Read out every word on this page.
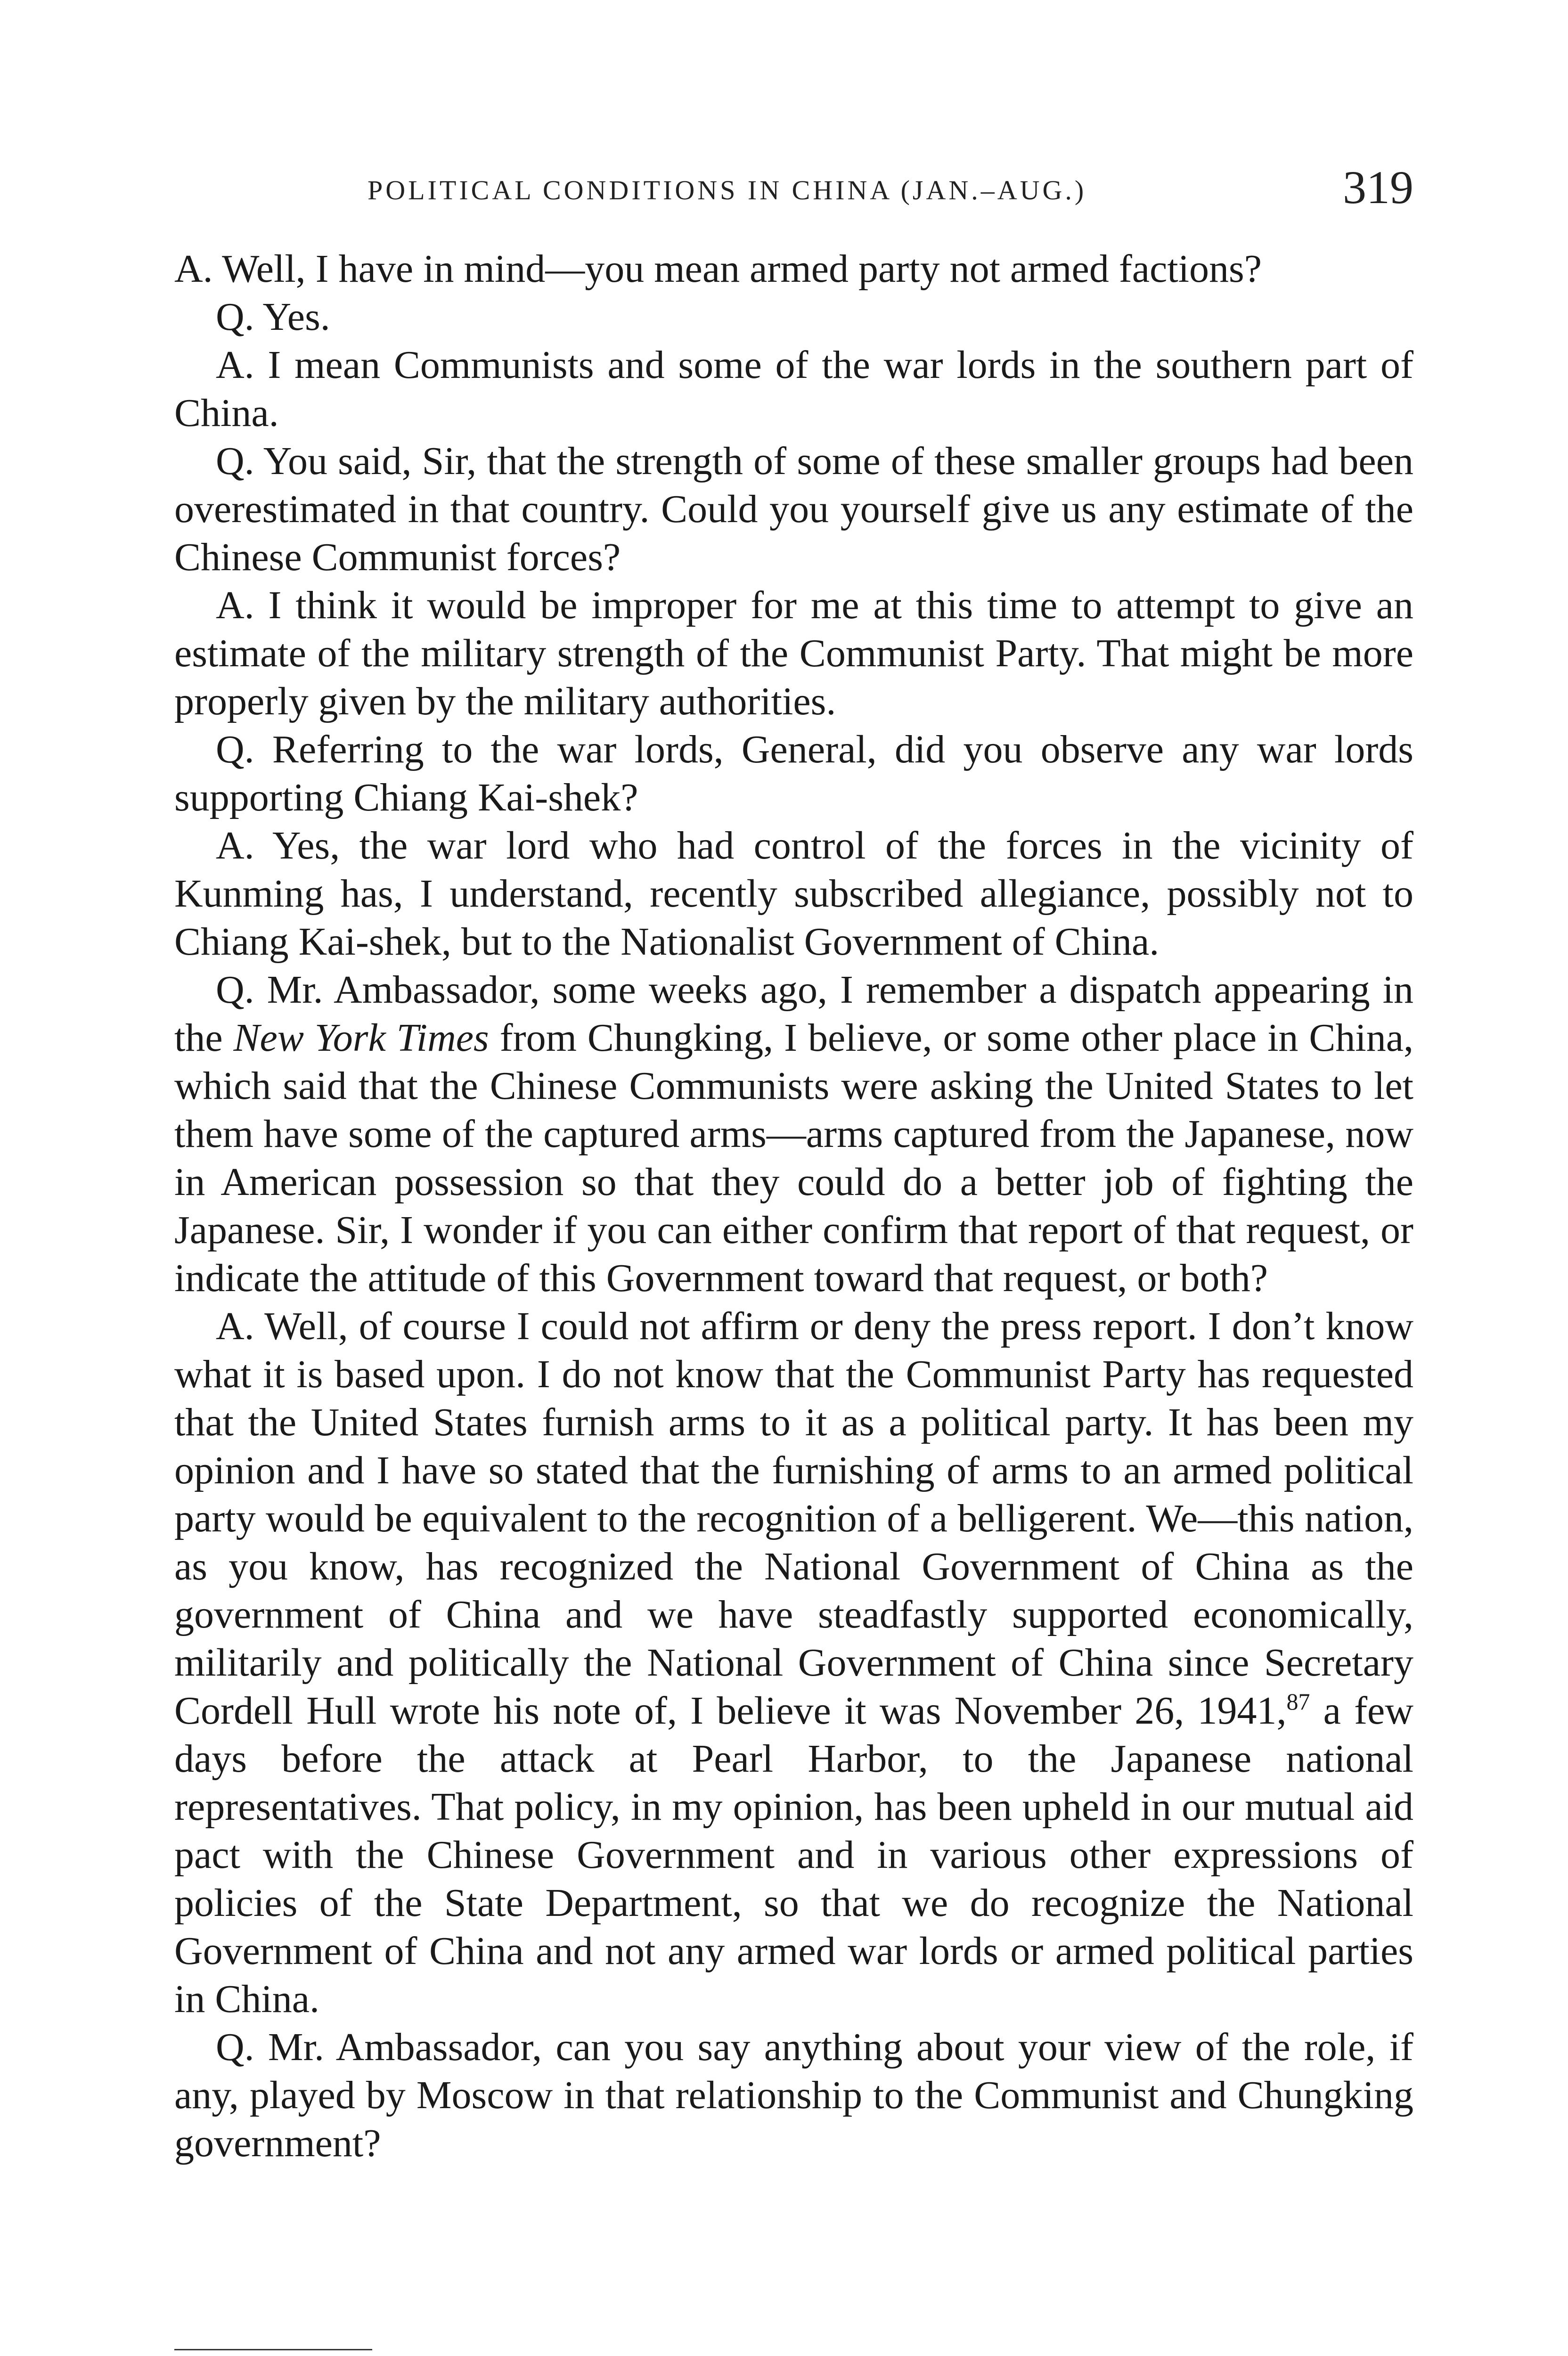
POLITICAL CONDITIONS IN CHINA (JAN.–AUG.)	319

A. Well, I have in mind—you mean armed party not armed factions?

Q. Yes.

A. I mean Communists and some of the war lords in the southern part of China.

Q. You said, Sir, that the strength of some of these smaller groups had been overestimated in that country. Could you yourself give us any estimate of the Chinese Communist forces?

A. I think it would be improper for me at this time to attempt to give an estimate of the military strength of the Communist Party. That might be more properly given by the military authorities.

Q. Referring to the war lords, General, did you observe any war lords supporting Chiang Kai-shek?

A. Yes, the war lord who had control of the forces in the vicinity of Kunming has, I understand, recently subscribed allegiance, possibly not to Chiang Kai-shek, but to the Nationalist Government of China.

Q. Mr. Ambassador, some weeks ago, I remember a dispatch appearing in the New York Times from Chungking, I believe, or some other place in China, which said that the Chinese Communists were asking the United States to let them have some of the captured arms—arms captured from the Japanese, now in American possession so that they could do a better job of fighting the Japanese. Sir, I wonder if you can either confirm that report of that request, or indicate the attitude of this Government toward that request, or both?

A. Well, of course I could not affirm or deny the press report. I don’t know what it is based upon. I do not know that the Communist Party has requested that the United States furnish arms to it as a political party. It has been my opinion and I have so stated that the furnishing of arms to an armed political party would be equivalent to the recognition of a belligerent. We—this nation, as you know, has recognized the National Government of China as the government of China and we have steadfastly supported economically, militarily and politically the National Government of China since Secretary Cordell Hull wrote his note of, I believe it was November 26, 1941,87 a few days before the attack at Pearl Harbor, to the Japanese national representatives. That policy, in my opinion, has been upheld in our mutual aid pact with the Chinese Government and in various other expressions of policies of the State Department, so that we do recognize the National Government of China and not any armed war lords or armed political parties in China.

Q. Mr. Ambassador, can you say anything about your view of the role, if any, played by Moscow in that relationship to the Communist and Chungking government?
